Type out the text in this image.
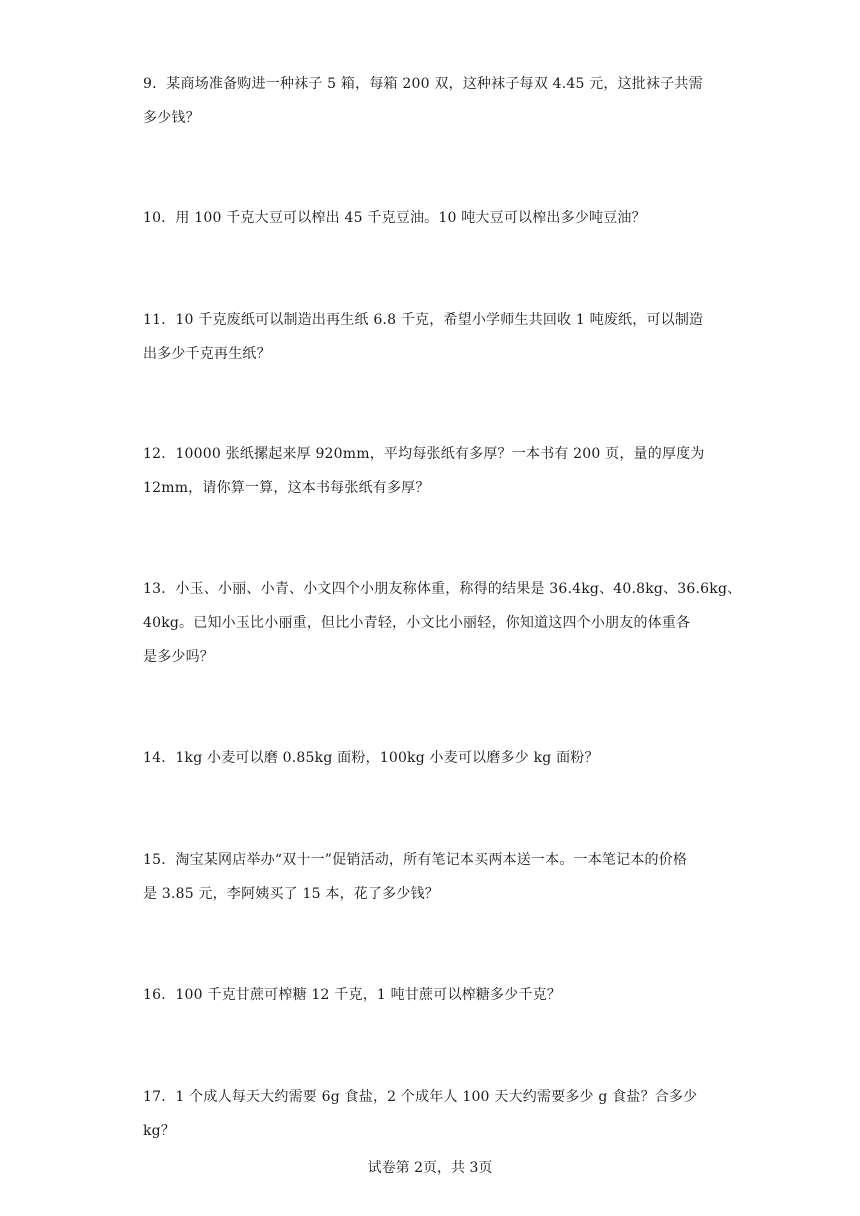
9．某商场准备购进一种袜子 5 箱，每箱 200 双，这种袜子每双 4.45 元，这批袜子共需
多少钱？
10．用 100 千克大豆可以榨出 45 千克豆油。10 吨大豆可以榨出多少吨豆油？
11．10 千克废纸可以制造出再生纸 6.8 千克，希望小学师生共回收 1 吨废纸，可以制造
出多少千克再生纸？
12．10000 张纸摞起来厚 920mm，平均每张纸有多厚？一本书有 200 页，量的厚度为
12mm，请你算一算，这本书每张纸有多厚？
13．小玉、小丽、小青、小文四个小朋友称体重，称得的结果是 36.4kg、40.8kg、36.6kg、
40kg。已知小玉比小丽重，但比小青轻，小文比小丽轻，你知道这四个小朋友的体重各
是多少吗？
14．1kg 小麦可以磨 0.85kg 面粉，100kg 小麦可以磨多少 kg 面粉？
15．淘宝某网店举办“双十一”促销活动，所有笔记本买两本送一本。一本笔记本的价格
是 3.85 元，李阿姨买了 15 本，花了多少钱？
16．100 千克甘蔗可榨糖 12 千克，1 吨甘蔗可以榨糖多少千克？
17．1 个成人每天大约需要 6g 食盐，2 个成年人 100 天大约需要多少 g 食盐？合多少
kg？
试卷第 2页，共 3页
